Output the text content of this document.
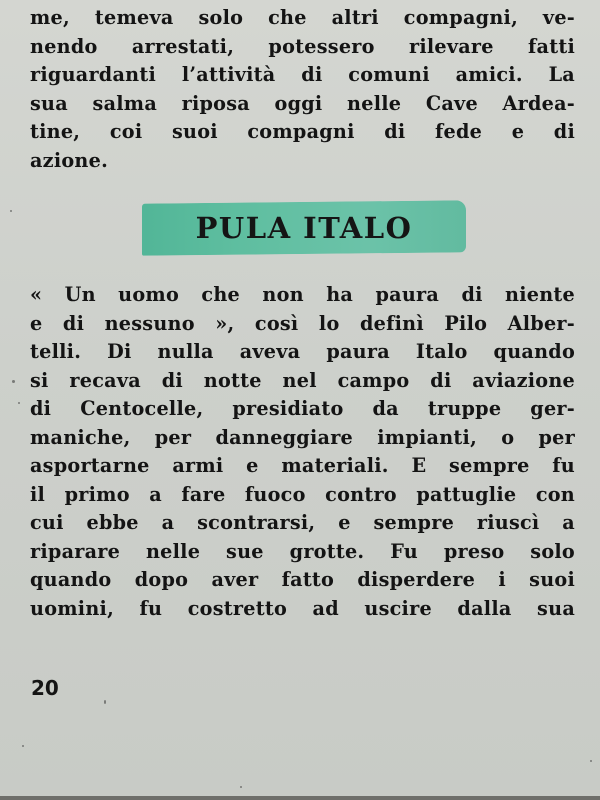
me, temeva solo che altri compagni, ve-
nendo arrestati, potessero rilevare fatti
riguardanti l’attività di comuni amici. La
sua salma riposa oggi nelle Cave Ardea-
tine, coi suoi compagni di fede e di
azione.
PULA ITALO
« Un uomo che non ha paura di niente
e di nessuno », così lo definì Pilo Alber-
telli. Di nulla aveva paura Italo quando
si recava di notte nel campo di aviazione
di Centocelle, presidiato da truppe ger-
maniche, per danneggiare impianti, o per
asportarne armi e materiali. E sempre fu
il primo a fare fuoco contro pattuglie con
cui ebbe a scontrarsi, e sempre riuscì a
riparare nelle sue grotte. Fu preso solo
quando dopo aver fatto disperdere i suoi
uomini, fu costretto ad uscire dalla sua
20
